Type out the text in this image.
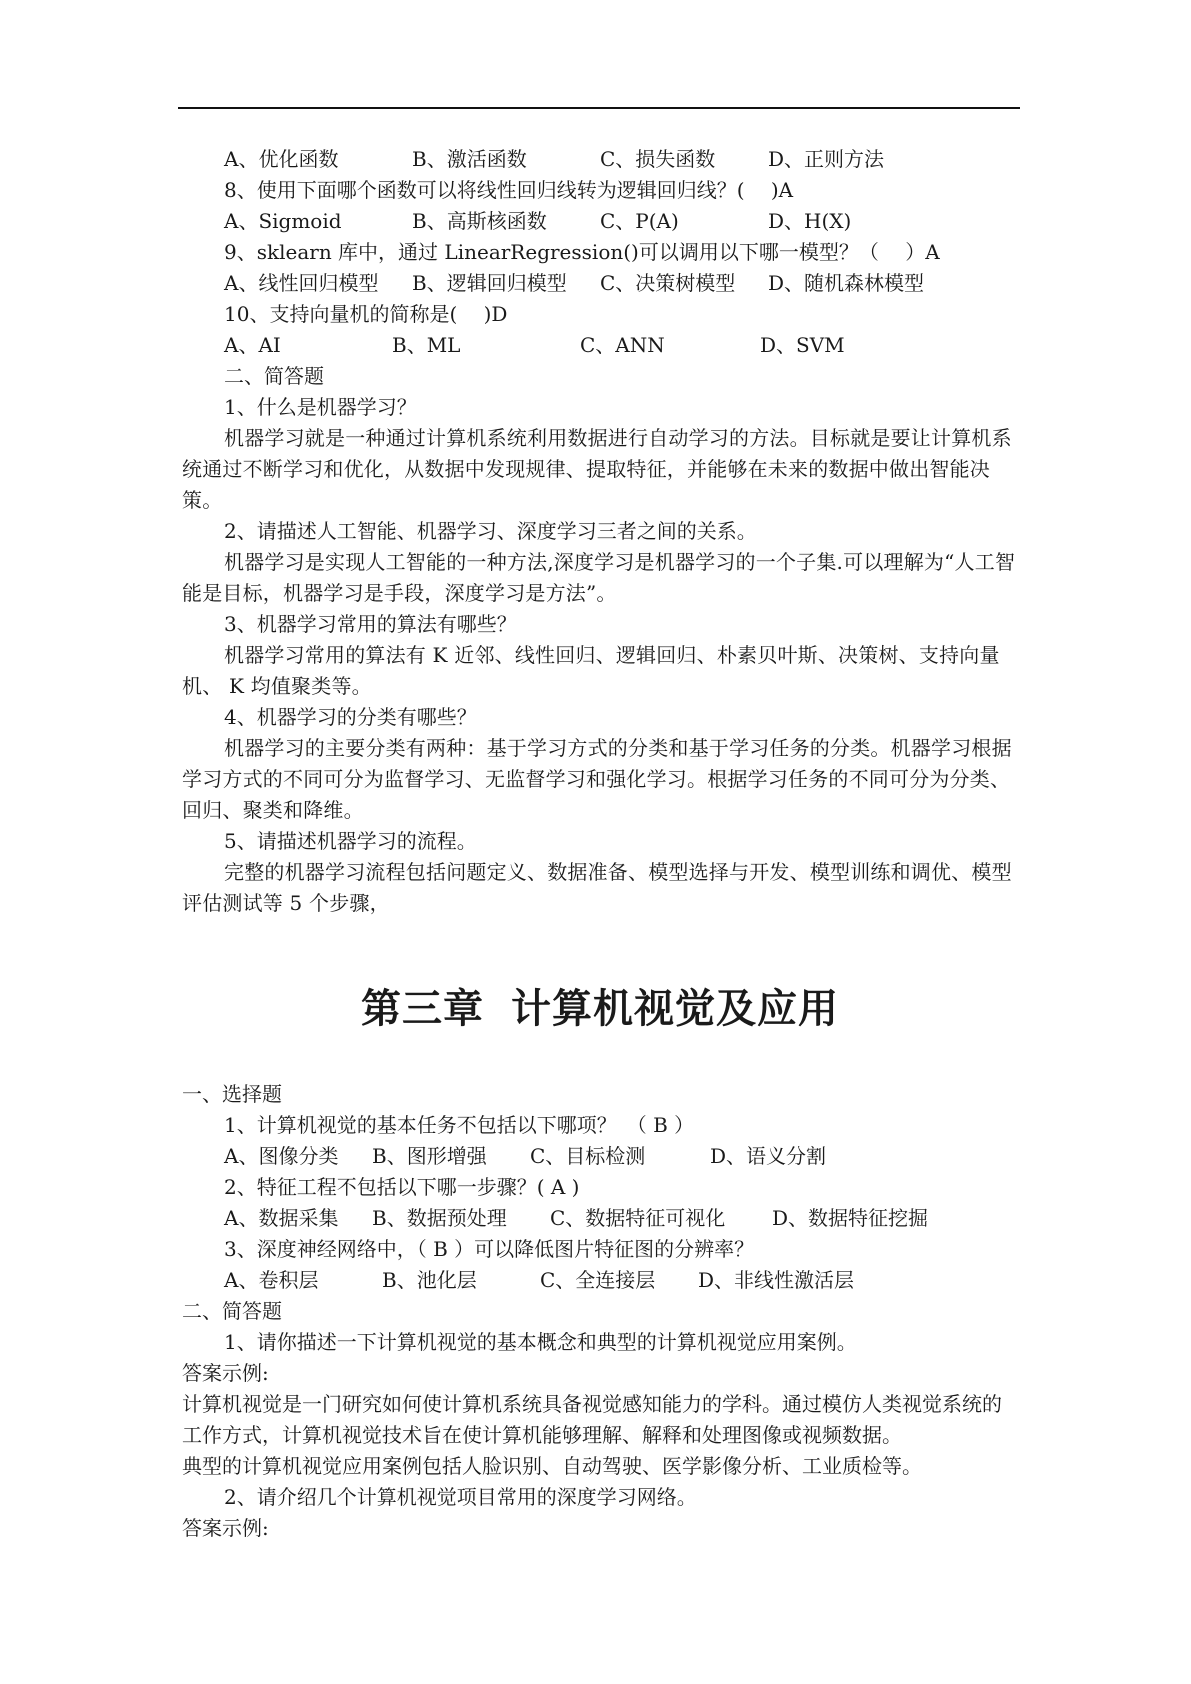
A、优化函数	B、激活函数	C、损失函数	D、正则方法
8、使用下面哪个函数可以将线性回归线转为逻辑回归线？(　 )A
A、Sigmoid	B、高斯核函数	C、P(A)	D、H(X)
9、sklearn 库中，通过 LinearRegression()可以调用以下哪一模型？（　 ）A
A、线性回归模型	B、逻辑回归模型	C、决策树模型	D、随机森林模型
10、支持向量机的简称是(　 )D
A、AI	B、ML	C、ANN	D、SVM
二、简答题
1、什么是机器学习？
机器学习就是一种通过计算机系统利用数据进行自动学习的方法。目标就是要让计算机系统通过不断学习和优化，从数据中发现规律、提取特征，并能够在未来的数据中做出智能决策。
2、请描述人工智能、机器学习、深度学习三者之间的关系。
机器学习是实现人工智能的一种方法,深度学习是机器学习的一个子集.可以理解为“人工智能是目标，机器学习是手段，深度学习是方法”。
3、机器学习常用的算法有哪些？
机器学习常用的算法有 K 近邻、线性回归、逻辑回归、朴素贝叶斯、决策树、支持向量机、 K 均值聚类等。
4、机器学习的分类有哪些？
机器学习的主要分类有两种：基于学习方式的分类和基于学习任务的分类。机器学习根据学习方式的不同可分为监督学习、无监督学习和强化学习。根据学习任务的不同可分为分类、回归、聚类和降维。
5、请描述机器学习的流程。
完整的机器学习流程包括问题定义、数据准备、模型选择与开发、模型训练和调优、模型评估测试等 5 个步骤，
第三章 计算机视觉及应用
一、选择题
1、计算机视觉的基本任务不包括以下哪项？　（ B ）
A、图像分类	B、图形增强	C、目标检测	D、语义分割
2、特征工程不包括以下哪一步骤？( A )
A、数据采集	B、数据预处理	C、数据特征可视化	D、数据特征挖掘
3、深度神经网络中，（ B ）可以降低图片特征图的分辨率？
A、卷积层	B、池化层	C、全连接层	D、非线性激活层
二、简答题
1、请你描述一下计算机视觉的基本概念和典型的计算机视觉应用案例。
答案示例:
计算机视觉是一门研究如何使计算机系统具备视觉感知能力的学科。通过模仿人类视觉系统的工作方式，计算机视觉技术旨在使计算机能够理解、解释和处理图像或视频数据。
典型的计算机视觉应用案例包括人脸识别、自动驾驶、医学影像分析、工业质检等。
2、请介绍几个计算机视觉项目常用的深度学习网络。
答案示例:
